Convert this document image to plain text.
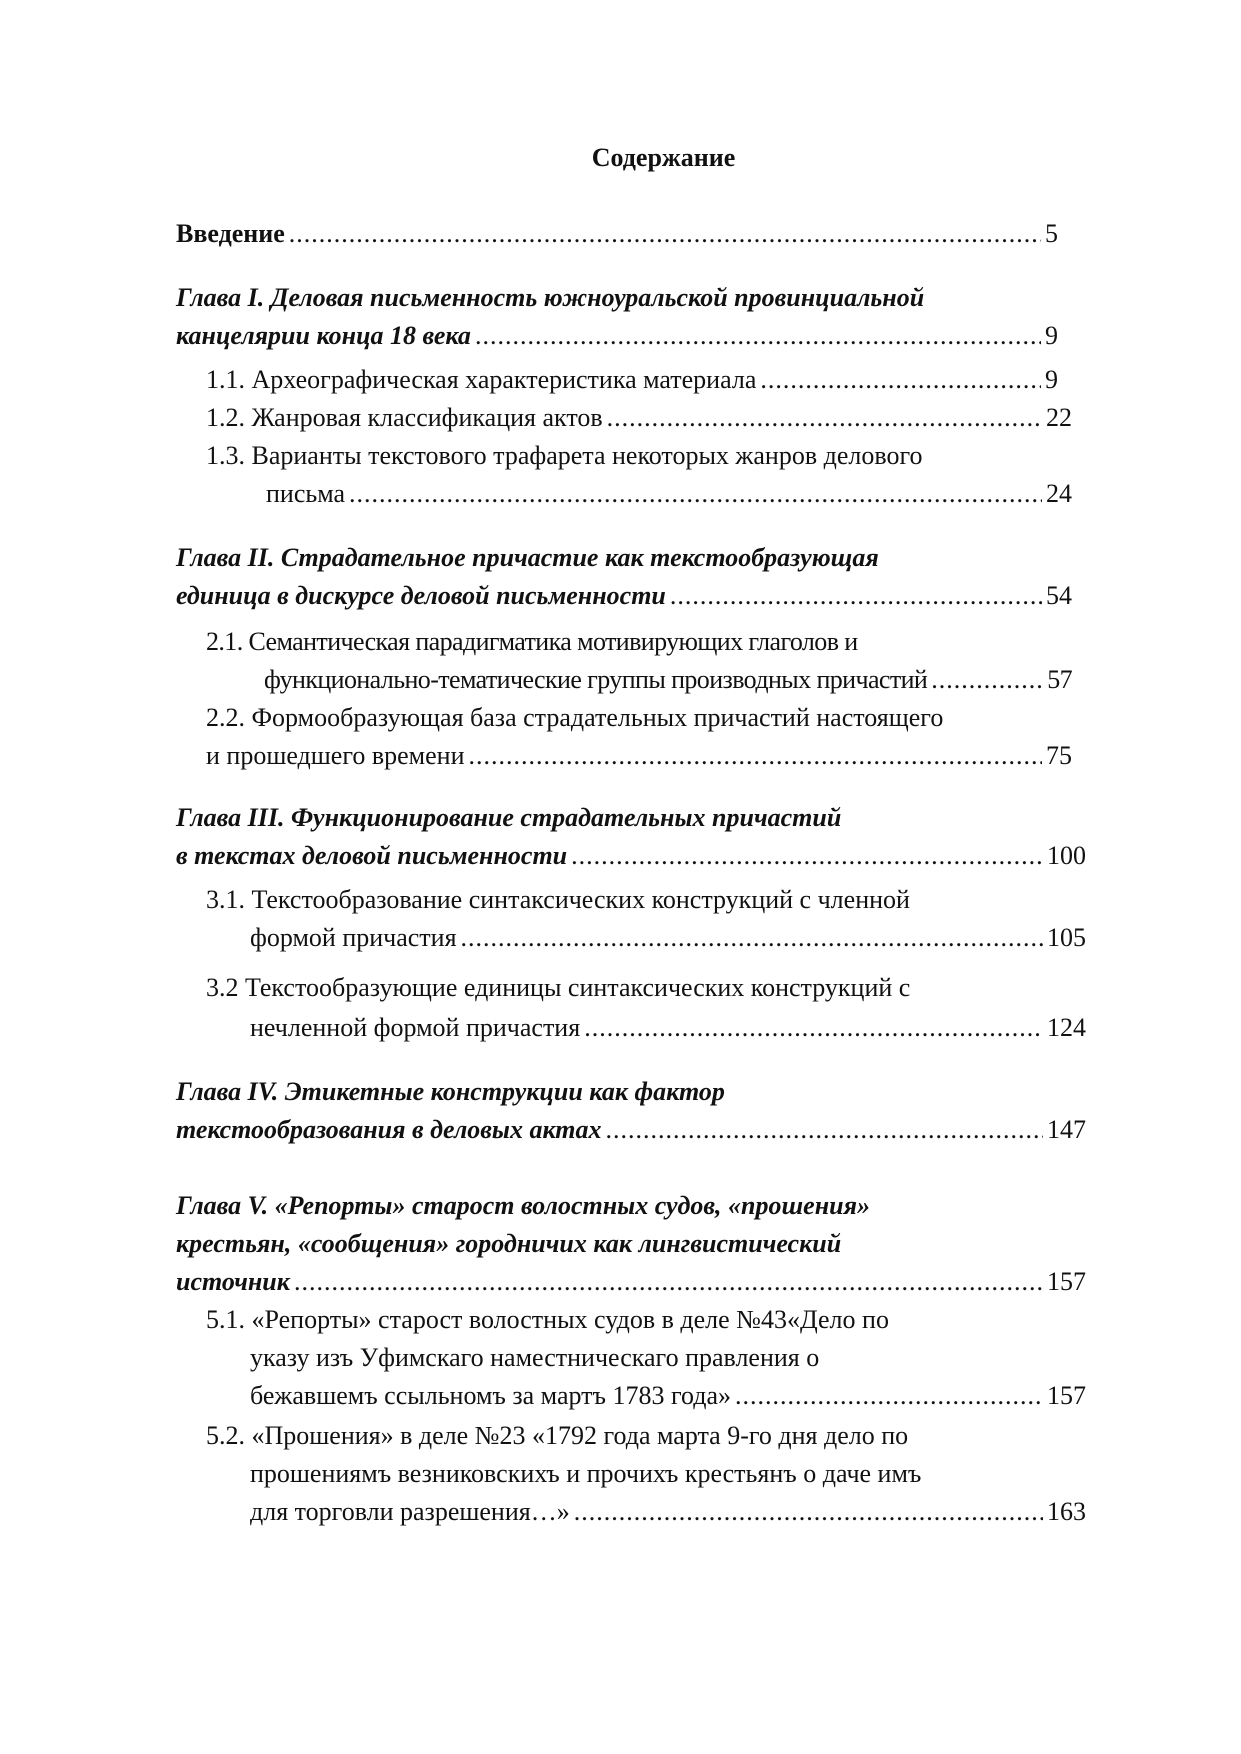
Содержание
Введение .....	5
Глава I. Деловая письменность южноуральской провинциальной
канцелярии конца 18 века .....	9
1.1. Археографическая характеристика материала .....	9
1.2. Жанровая классификация актов .....	22
1.3. Варианты текстового трафарета некоторых жанров делового
письма .....	24
Глава II. Страдательное причастие как текстообразующая
единица в дискурсе деловой письменности .....	54
2.1. Семантическая парадигматика мотивирующих глаголов и
функционально-тематические группы производных причастий .....	57
2.2. Формообразующая база страдательных причастий настоящего
и прошедшего времени .....	75
Глава III. Функционирование страдательных причастий
в текстах деловой письменности .....	100
3.1. Текстообразование синтаксических конструкций с членной
формой причастия .....	105
3.2 Текстообразующие единицы синтаксических конструкций с
нечленной формой причастия .....	124
Глава IV. Этикетные конструкции как фактор
текстообразования в деловых актах .....	147
Глава V. «Репорты» старост волостных судов, «прошения»
крестьян, «сообщения» городничих как лингвистический
источник .....	157
5.1. «Репорты» старост волостных судов в деле №43«Дело по
указу изъ Уфимскаго наместническаго правления о
бежавшемъ ссыльномъ за мартъ 1783 года» .....	157
5.2. «Прошения» в деле №23 «1792 года марта 9-го дня дело по
прошениямъ везниковскихъ и прочихъ крестьянъ о даче имъ
для торговли разрешения…» .....	163
